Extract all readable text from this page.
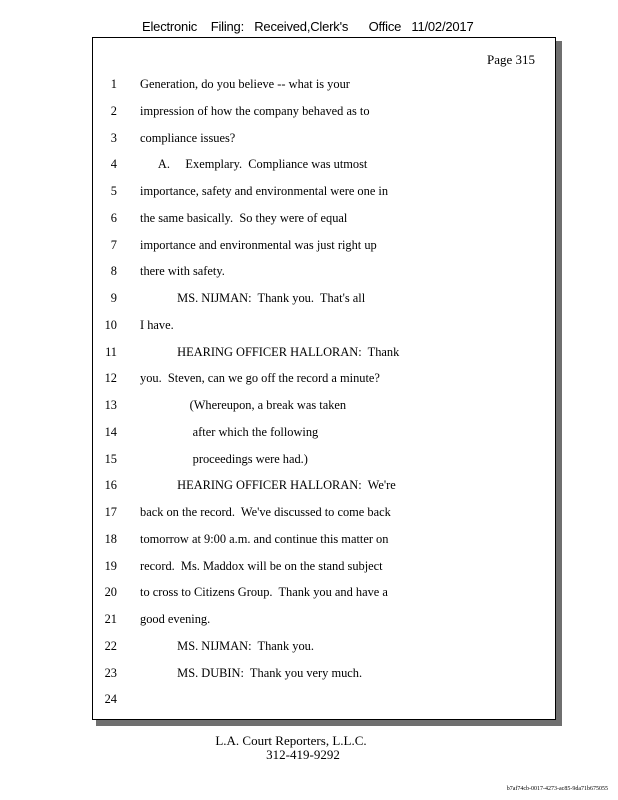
Electronic    Filing:   Received,Clerk's      Office   11/02/2017
Page 315
1 Generation, do you believe -- what is your
2 impression of how the company behaved as to
3 compliance issues?
4 A.     Exemplary.  Compliance was utmost
5 importance, safety and environmental were one in
6 the same basically.  So they were of equal
7 importance and environmental was just right up
8 there with safety.
9 MS. NIJMAN:  Thank you.  That's all
10 I have.
11 HEARING OFFICER HALLORAN:  Thank
12 you.  Steven, can we go off the record a minute?
13 (Whereupon, a break was taken
14 after which the following
15 proceedings were had.)
16 HEARING OFFICER HALLORAN:  We're
17 back on the record.  We've discussed to come back
18 tomorrow at 9:00 a.m. and continue this matter on
19 record.  Ms. Maddox will be on the stand subject
20 to cross to Citizens Group.  Thank you and have a
21 good evening.
22 MS. NIJMAN:  Thank you.
23 MS. DUBIN:  Thank you very much.
24
L.A. Court Reporters, L.L.C.
312-419-9292
b7af74cb-0017-4273-ac85-9da71b675055
